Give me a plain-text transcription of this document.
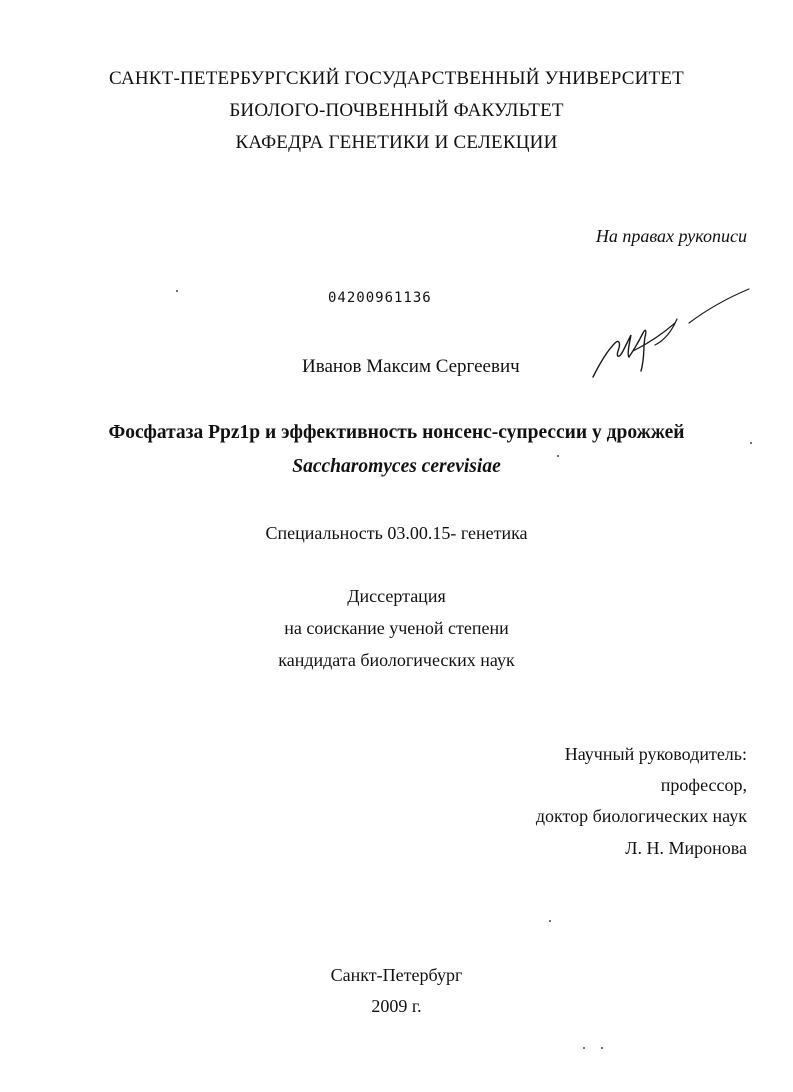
САНКТ-ПЕТЕРБУРГСКИЙ ГОСУДАРСТВЕННЫЙ УНИВЕРСИТЕТ
БИОЛОГО-ПОЧВЕННЫЙ ФАКУЛЬТЕТ
КАФЕДРА ГЕНЕТИКИ И СЕЛЕКЦИИ
На правах рукописи
04200961136
Иванов Максим Сергеевич
Фосфатаза Ppz1p и эффективность нонсенс-супрессии у дрожжей
Saccharomyces cerevisiae
Специальность 03.00.15- генетика
Диссертация
на соискание ученой степени
кандидата биологических наук
Научный руководитель:
профессор,
доктор биологических наук
Л. Н. Миронова
Санкт-Петербург
2009 г.
